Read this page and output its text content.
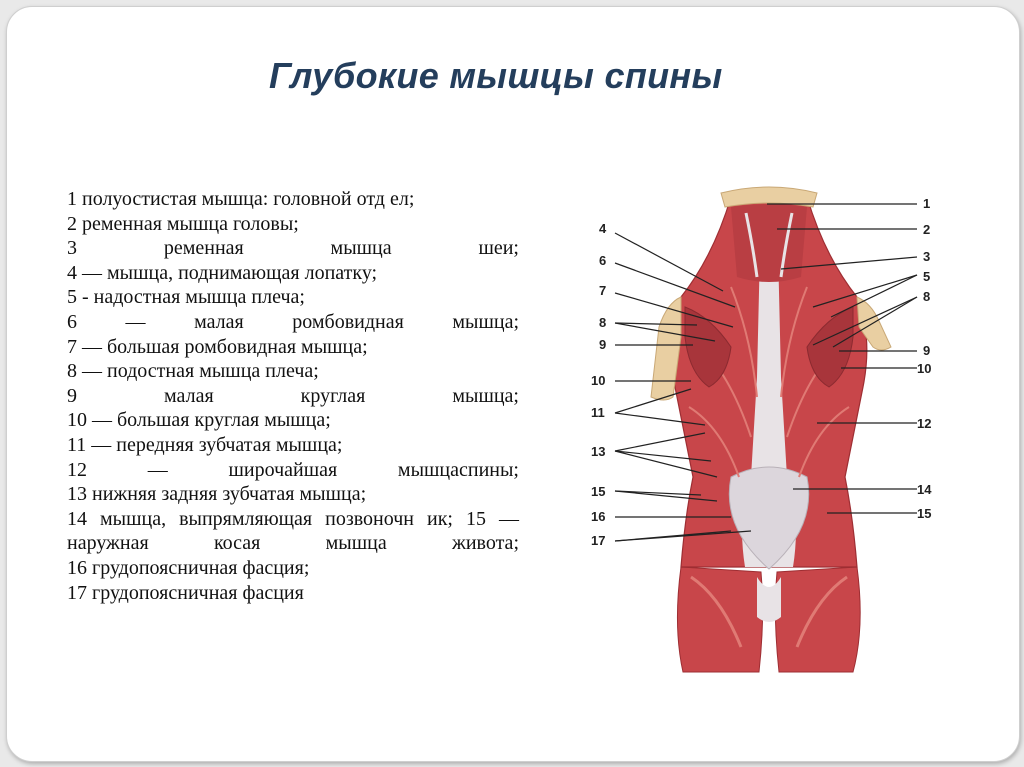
Глубокие мышцы спины
1 полуостистая мышца: головной отд ел;
2 ременная мышца головы;
3 ременная мышца шеи;
4 — мышца, поднимающая лопатку;
5 - надостная мышца плеча;
6 — малая ромбовидная мышца;
7 — большая ромбовидная мышца;
8 — подостная мышца плеча;
9 малая круглая мышца;
10 — большая круглая мышца;
11 — передняя зубчатая мышца;
12 — широчайшая мышцаспины;
13 нижняя задняя зубчатая мышца;
14 мышца, выпрямляющая позвоночн ик; 15 — наружная косая мышца живота;
16 грудопоясничная фасция;
17 грудопоясничная фасция
1
2
3
5
8
9
10
12
14
15
4
6
7
8
9
10
11
13
15
16
17
